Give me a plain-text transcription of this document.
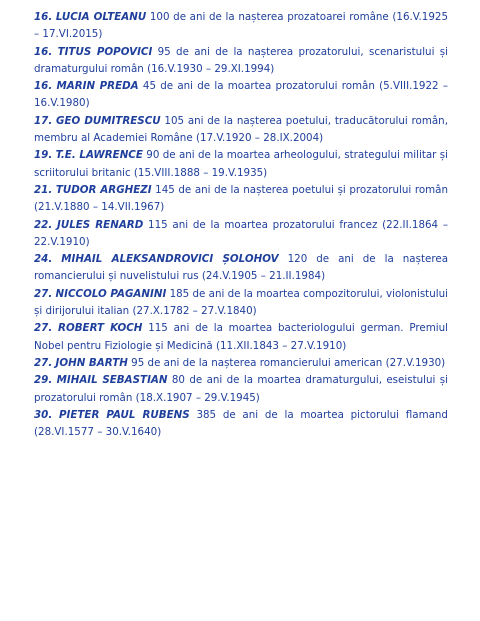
16. LUCIA OLTEANU 100 de ani de la nașterea prozatoarei române (16.V.1925 – 17.VI.2015)

16. TITUS POPOVICI 95 de ani de la nașterea prozatorului, scenaristului și dramaturgului român (16.V.1930 – 29.XI.1994)

16. MARIN PREDA 45 de ani de la moartea prozatorului român (5.VIII.1922 – 16.V.1980)

17. GEO DUMITRESCU 105 ani de la nașterea poetului, traducătorului român, membru al Academiei Române (17.V.1920 – 28.IX.2004)

19. T.E. LAWRENCE 90 de ani de la moartea arheologului, strategului militar și scriitorului britanic (15.VIII.1888 – 19.V.1935)

21. TUDOR ARGHEZI 145 de ani de la nașterea poetului și prozatorului român (21.V.1880 – 14.VII.1967)

22. JULES RENARD 115 ani de la moartea prozatorului francez (22.II.1864 – 22.V.1910)

24. MIHAIL ALEKSANDROVICI ȘOLOHOV 120 de ani de la nașterea romancierului și nuvelistului rus (24.V.1905 – 21.II.1984)

27. NICCOLO PAGANINI 185 de ani de la moartea compozitorului, violonistului și dirijorului italian (27.X.1782 – 27.V.1840)

27. ROBERT KOCH 115 ani de la moartea bacteriologului german. Premiul Nobel pentru Fiziologie și Medicină (11.XII.1843 – 27.V.1910)

27. JOHN BARTH 95 de ani de la nașterea romancierului american (27.V.1930)

29. MIHAIL SEBASTIAN 80 de ani de la moartea dramaturgului, eseistului și prozatorului român (18.X.1907 – 29.V.1945)

30. PIETER PAUL RUBENS 385 de ani de la moartea pictorului flamand (28.VI.1577 – 30.V.1640)
